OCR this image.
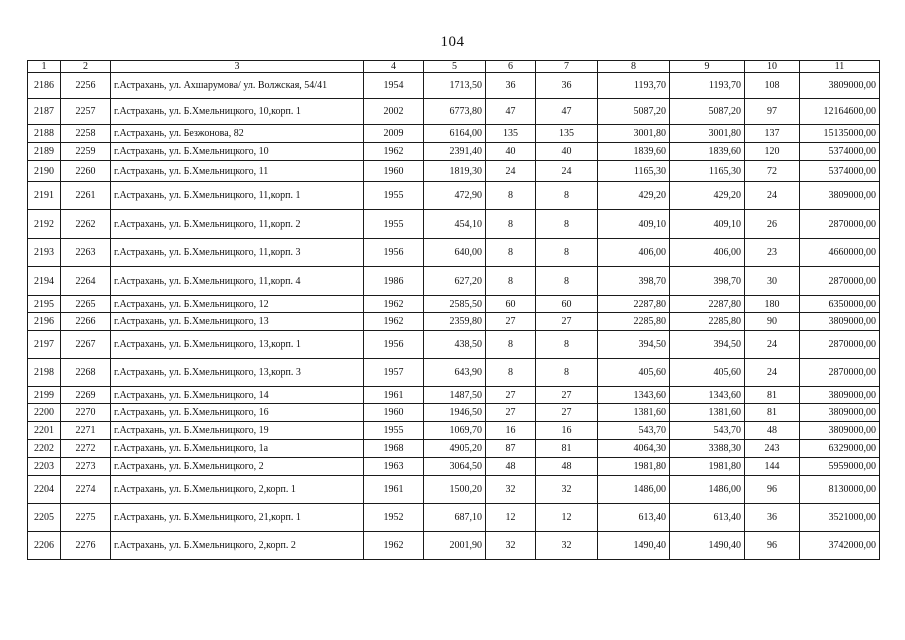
104
1	2	3	4	5	6	7	8	9	10	11
2186	2256	г.Астрахань, ул. Ахшарумова/ ул. Волжская, 54/41	1954	1713,50	36	36	1193,70	1193,70	108	3809000,00
2187	2257	г.Астрахань, ул. Б.Хмельницкого, 10,корп. 1	2002	6773,80	47	47	5087,20	5087,20	97	12164600,00
2188	2258	г.Астрахань, ул. Безжонова, 82	2009	6164,00	135	135	3001,80	3001,80	137	15135000,00
2189	2259	г.Астрахань, ул. Б.Хмельницкого, 10	1962	2391,40	40	40	1839,60	1839,60	120	5374000,00
2190	2260	г.Астрахань, ул. Б.Хмельницкого, 11	1960	1819,30	24	24	1165,30	1165,30	72	5374000,00
2191	2261	г.Астрахань, ул. Б.Хмельницкого, 11,корп. 1	1955	472,90	8	8	429,20	429,20	24	3809000,00
2192	2262	г.Астрахань, ул. Б.Хмельницкого, 11,корп. 2	1955	454,10	8	8	409,10	409,10	26	2870000,00
2193	2263	г.Астрахань, ул. Б.Хмельницкого, 11,корп. 3	1956	640,00	8	8	406,00	406,00	23	4660000,00
2194	2264	г.Астрахань, ул. Б.Хмельницкого, 11,корп. 4	1986	627,20	8	8	398,70	398,70	30	2870000,00
2195	2265	г.Астрахань, ул. Б.Хмельницкого, 12	1962	2585,50	60	60	2287,80	2287,80	180	6350000,00
2196	2266	г.Астрахань, ул. Б.Хмельницкого, 13	1962	2359,80	27	27	2285,80	2285,80	90	3809000,00
2197	2267	г.Астрахань, ул. Б.Хмельницкого, 13,корп. 1	1956	438,50	8	8	394,50	394,50	24	2870000,00
2198	2268	г.Астрахань, ул. Б.Хмельницкого, 13,корп. 3	1957	643,90	8	8	405,60	405,60	24	2870000,00
2199	2269	г.Астрахань, ул. Б.Хмельницкого, 14	1961	1487,50	27	27	1343,60	1343,60	81	3809000,00
2200	2270	г.Астрахань, ул. Б.Хмельницкого, 16	1960	1946,50	27	27	1381,60	1381,60	81	3809000,00
2201	2271	г.Астрахань, ул. Б.Хмельницкого, 19	1955	1069,70	16	16	543,70	543,70	48	3809000,00
2202	2272	г.Астрахань, ул. Б.Хмельницкого, 1а	1968	4905,20	87	81	4064,30	3388,30	243	6329000,00
2203	2273	г.Астрахань, ул. Б.Хмельницкого, 2	1963	3064,50	48	48	1981,80	1981,80	144	5959000,00
2204	2274	г.Астрахань, ул. Б.Хмельницкого, 2,корп. 1	1961	1500,20	32	32	1486,00	1486,00	96	8130000,00
2205	2275	г.Астрахань, ул. Б.Хмельницкого, 21,корп. 1	1952	687,10	12	12	613,40	613,40	36	3521000,00
2206	2276	г.Астрахань, ул. Б.Хмельницкого, 2,корп. 2	1962	2001,90	32	32	1490,40	1490,40	96	3742000,00
